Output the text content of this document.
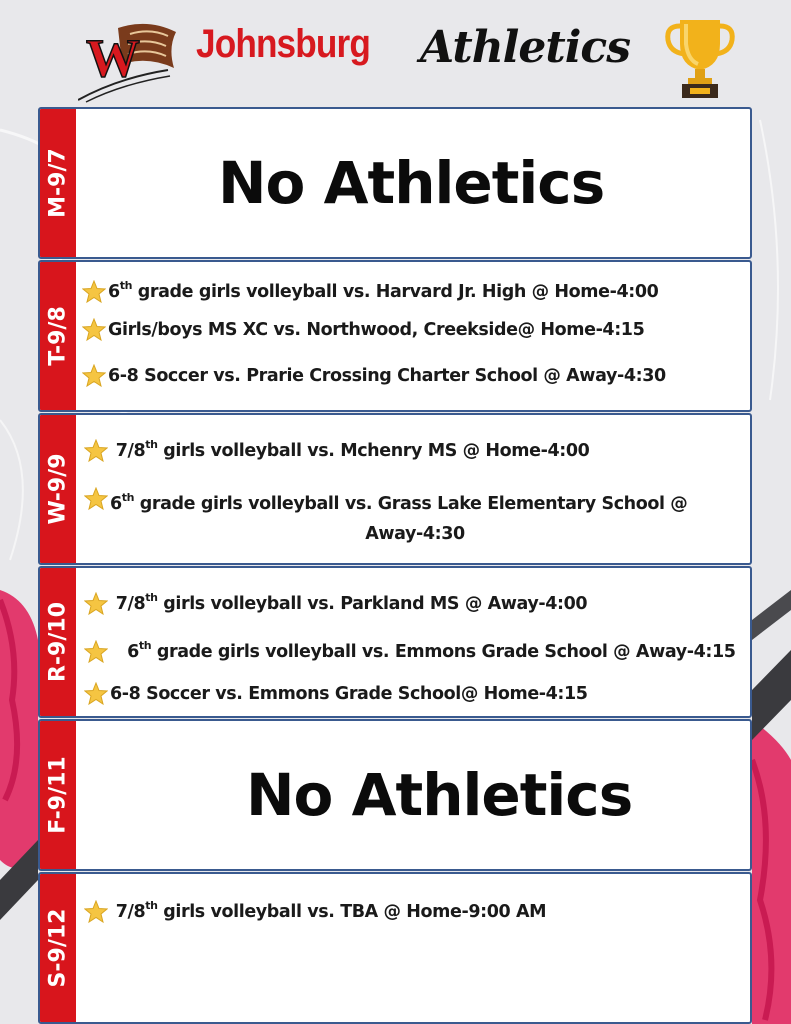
W Johnsburg Athletics
M-9/7	No Athletics
T-9/8
6th grade girls volleyball vs. Harvard Jr. High @ Home-4:00
Girls/boys MS XC vs. Northwood, Creekside@ Home-4:15
6-8 Soccer vs. Prarie Crossing Charter School @ Away-4:30
W-9/9
7/8th girls volleyball vs. Mchenry MS @ Home-4:00
6th grade girls volleyball vs. Grass Lake Elementary School @
Away-4:30
R-9/10	7/8th girls volleyball vs. Parkland MS @ Away-4:00
6th grade girls volleyball vs. Emmons Grade School @ Away-4:15
6-8 Soccer vs. Emmons Grade School@ Home-4:15
F-9/11	No Athletics
S-9/12	7/8th girls volleyball vs. TBA @ Home-9:00 AM
